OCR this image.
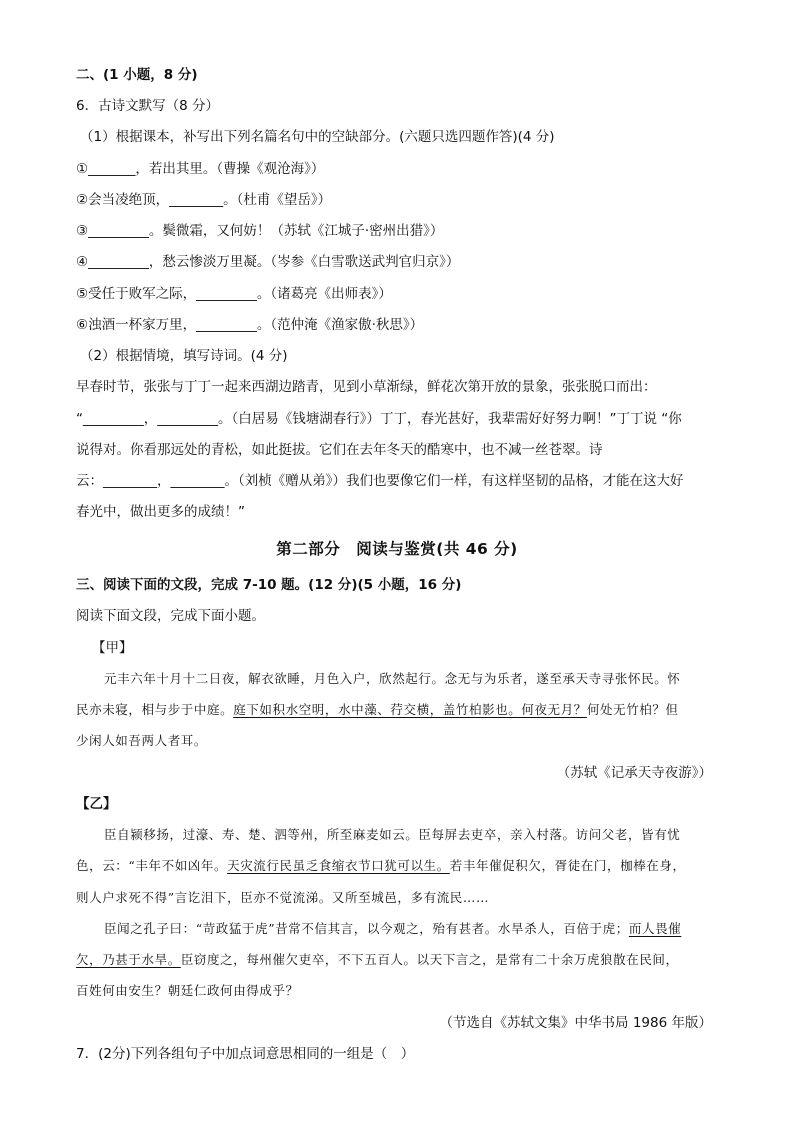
二、(1 小题，8 分)
6．古诗文默写（8 分）
（1）根据课本，补写出下列名篇名句中的空缺部分。(六题只选四题作答)(4 分)
①_______，若出其里。（曹操《观沧海》）
②会当凌绝顶，________。（杜甫《望岳》）
③_________。鬓微霜，又何妨！（苏轼《江城子·密州出猎》）
④_________，愁云惨淡万里凝。（岑参《白雪歌送武判官归京》）
⑤受任于败军之际，_________。（诸葛亮《出师表》）
⑥浊酒一杯家万里，_________。（范仲淹《渔家傲·秋思》）
（2）根据情境，填写诗词。(4 分)
早春时节，张张与丁丁一起来西湖边踏青，见到小草渐绿，鲜花次第开放的景象，张张脱口而出：
“_________，_________。（白居易《钱塘湖春行》）丁丁，春光甚好，我辈需好好努力啊！”丁丁说 “你
说得对。你看那远处的青松，如此挺拔。它们在去年冬天的酷寒中，也不减一丝苍翠。诗
云：________，________。（刘桢《赠从弟》）我们也要像它们一样，有这样坚韧的品格，才能在这大好
春光中，做出更多的成绩！”
第二部分　阅读与鉴赏(共 46 分)
三、阅读下面的文段，完成 7-10 题。(12 分)(5 小题，16 分)
阅读下面文段，完成下面小题。
【甲】
元丰六年十月十二日夜，解衣欲睡，月色入户，欣然起行。念无与为乐者，遂至承天寺寻张怀民。怀
民亦未寝，相与步于中庭。庭下如积水空明，水中藻、荇交横，盖竹柏影也。何夜无月？何处无竹柏？但
少闲人如吾两人者耳。
（苏轼《记承天寺夜游》）
【乙】
臣自颍移扬，过濠、寿、楚、泗等州，所至麻麦如云。臣每屏去吏卒，亲入村落。访问父老，皆有忧
色，云：“丰年不如凶年。天灾流行民虽乏食缩衣节口犹可以生。若丰年催促积欠，胥徒在门，枷棒在身，
则人户求死不得”言讫泪下，臣亦不觉流涕。又所至城邑，多有流民……
臣闻之孔子曰：“苛政猛于虎”昔常不信其言，以今观之，殆有甚者。水旱杀人，百倍于虎；而人畏催
欠，乃甚于水旱。臣窃度之，每州催欠吏卒，不下五百人。以天下言之，是常有二十余万虎狼散在民间，
百姓何由安生？朝廷仁政何由得成乎？
（节选自《苏轼文集》中华书局 1986 年版）
7．(2分)下列各组句子中加点词意思相同的一组是（　）
